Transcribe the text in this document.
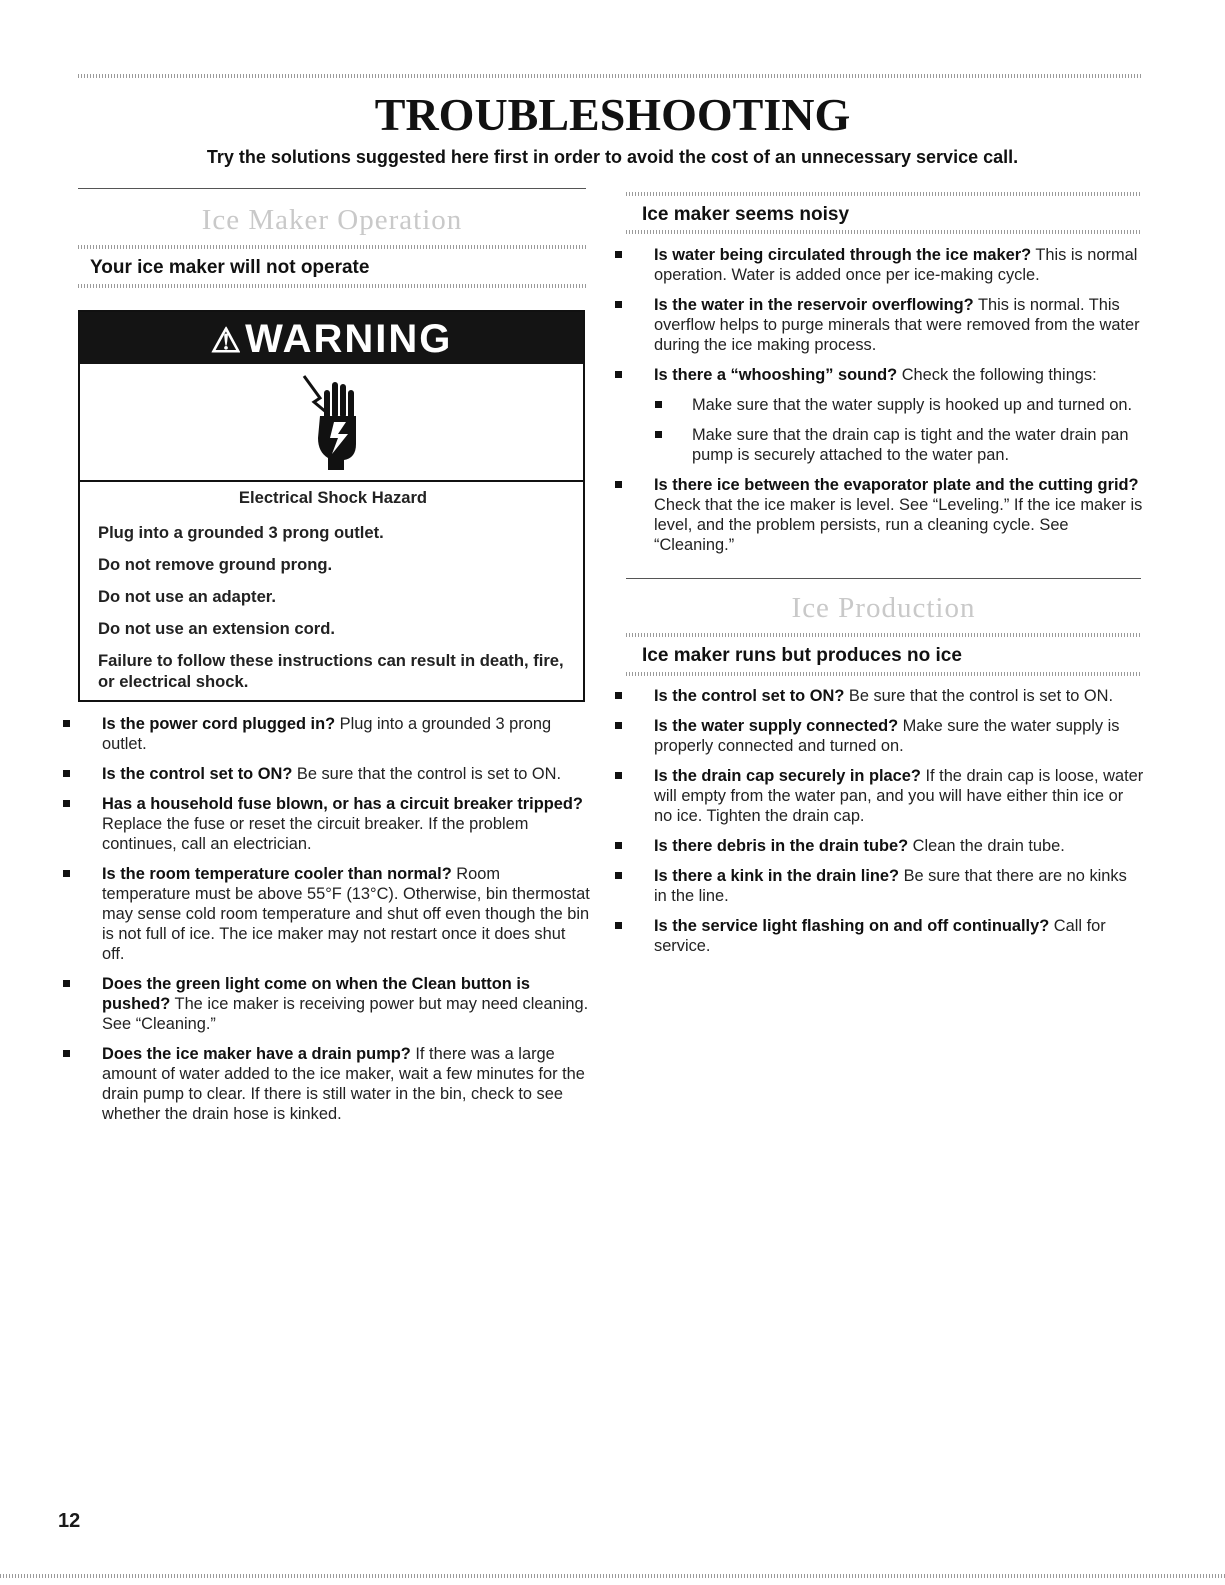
TROUBLESHOOTING

Try the solutions suggested here first in order to avoid the cost of an unnecessary service call.

Ice Maker Operation

Your ice maker will not operate

⚠WARNING

Electrical Shock Hazard

Plug into a grounded 3 prong outlet.

Do not remove ground prong.

Do not use an adapter.

Do not use an extension cord.

Failure to follow these instructions can result in death, fire, or electrical shock.

Is the power cord plugged in? Plug into a grounded 3 prong outlet.
Is the control set to ON? Be sure that the control is set to ON.
Has a household fuse blown, or has a circuit breaker tripped? Replace the fuse or reset the circuit breaker. If the problem continues, call an electrician.
Is the room temperature cooler than normal? Room temperature must be above 55°F (13°C). Otherwise, bin thermostat may sense cold room temperature and shut off even though the bin is not full of ice. The ice maker may not restart once it does shut off.
Does the green light come on when the Clean button is pushed? The ice maker is receiving power but may need cleaning. See “Cleaning.”
Does the ice maker have a drain pump? If there was a large amount of water added to the ice maker, wait a few minutes for the drain pump to clear. If there is still water in the bin, check to see whether the drain hose is kinked.

Ice maker seems noisy

Is water being circulated through the ice maker? This is normal operation. Water is added once per ice-making cycle.
Is the water in the reservoir overflowing? This is normal. This overflow helps to purge minerals that were removed from the water during the ice making process.
Is there a “whooshing” sound? Check the following things:
Make sure that the water supply is hooked up and turned on.
Make sure that the drain cap is tight and the water drain pan pump is securely attached to the water pan.
Is there ice between the evaporator plate and the cutting grid? Check that the ice maker is level. See “Leveling.” If the ice maker is level, and the problem persists, run a cleaning cycle. See “Cleaning.”

Ice Production

Ice maker runs but produces no ice

Is the control set to ON? Be sure that the control is set to ON.
Is the water supply connected? Make sure the water supply is properly connected and turned on.
Is the drain cap securely in place? If the drain cap is loose, water will empty from the water pan, and you will have either thin ice or no ice. Tighten the drain cap.
Is there debris in the drain tube? Clean the drain tube.
Is there a kink in the drain line? Be sure that there are no kinks in the line.
Is the service light flashing on and off continually? Call for service.

12
